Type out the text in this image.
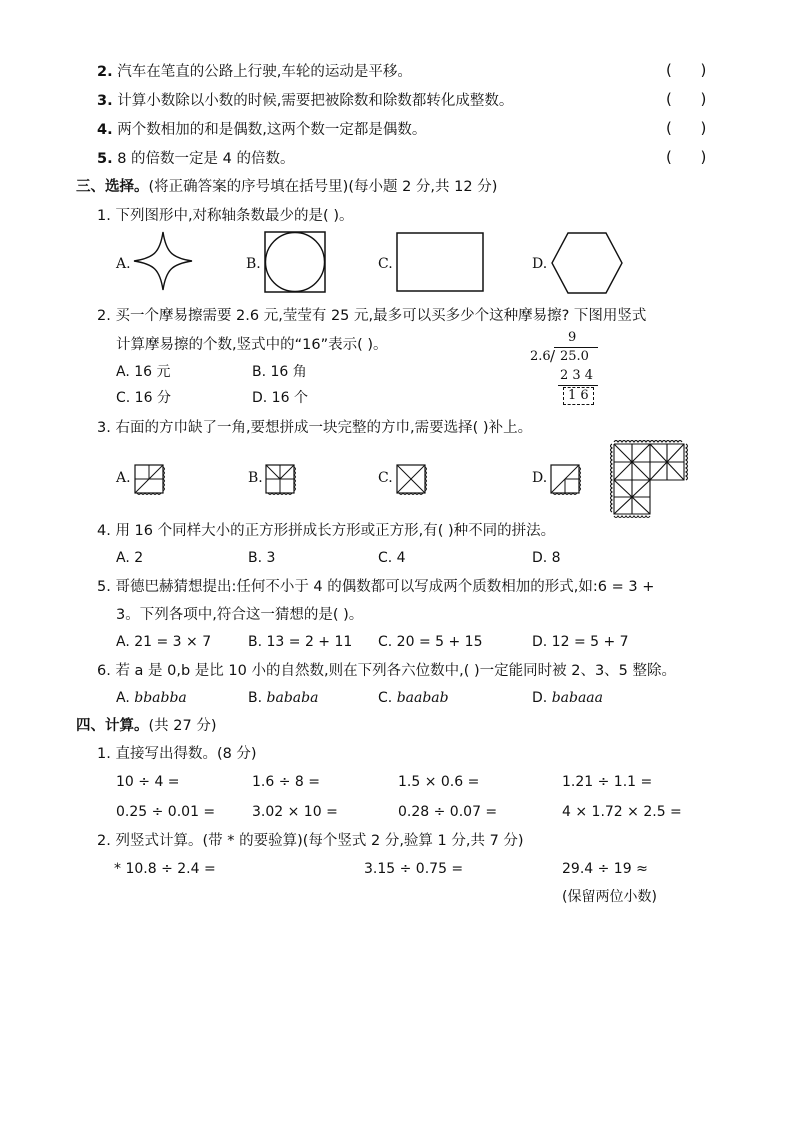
2. 汽车在笔直的公路上行驶,车轮的运动是平移。	(      )
3. 计算小数除以小数的时候,需要把被除数和除数都转化成整数。	(      )
4. 两个数相加的和是偶数,这两个数一定都是偶数。	(      )
5. 8 的倍数一定是 4 的倍数。	(      )
三、选择。(将正确答案的序号填在括号里)(每小题 2 分,共 12 分)
1. 下列图形中,对称轴条数最少的是( )。
A.	B.	C.	D.
2. 买一个摩易擦需要 2.6 元,莹莹有 25 元,最多可以买多少个这种摩易擦? 下图用竖式
计算摩易擦的个数,竖式中的“16”表示( )。
A. 16 元	B. 16 角
C. 16 分	D. 16 个
9
2.6 / 25.0
2 3 4
1 6
3. 右面的方巾缺了一角,要想拼成一块完整的方巾,需要选择( )补上。
A.	B.	C.	D.
4. 用 16 个同样大小的正方形拼成长方形或正方形,有( )种不同的拼法。
A. 2	B. 3	C. 4	D. 8
5. 哥德巴赫猜想提出:任何不小于 4 的偶数都可以写成两个质数相加的形式,如:6 = 3 +
3。下列各项中,符合这一猜想的是( )。
A. 21 = 3 × 7	B. 13 = 2 + 11 C. 20 = 5 + 15	D. 12 = 5 + 7
6. 若 a 是 0,b 是比 10 小的自然数,则在下列各六位数中,( )一定能同时被 2、3、5 整除。
A. bbabba	B. bababa	C. baabab	D. babaaa
四、计算。(共 27 分)
1. 直接写出得数。(8 分)
10 ÷ 4 =	1.6 ÷ 8 =	1.5 × 0.6 =	1.21 ÷ 1.1 =
0.25 ÷ 0.01 =	3.02 × 10 =	0.28 ÷ 0.07 =	4 × 1.72 × 2.5 =
2. 列竖式计算。(带 * 的要验算)(每个竖式 2 分,验算 1 分,共 7 分)
* 10.8 ÷ 2.4 =	3.15 ÷ 0.75 =	29.4 ÷ 19 ≈
(保留两位小数)
